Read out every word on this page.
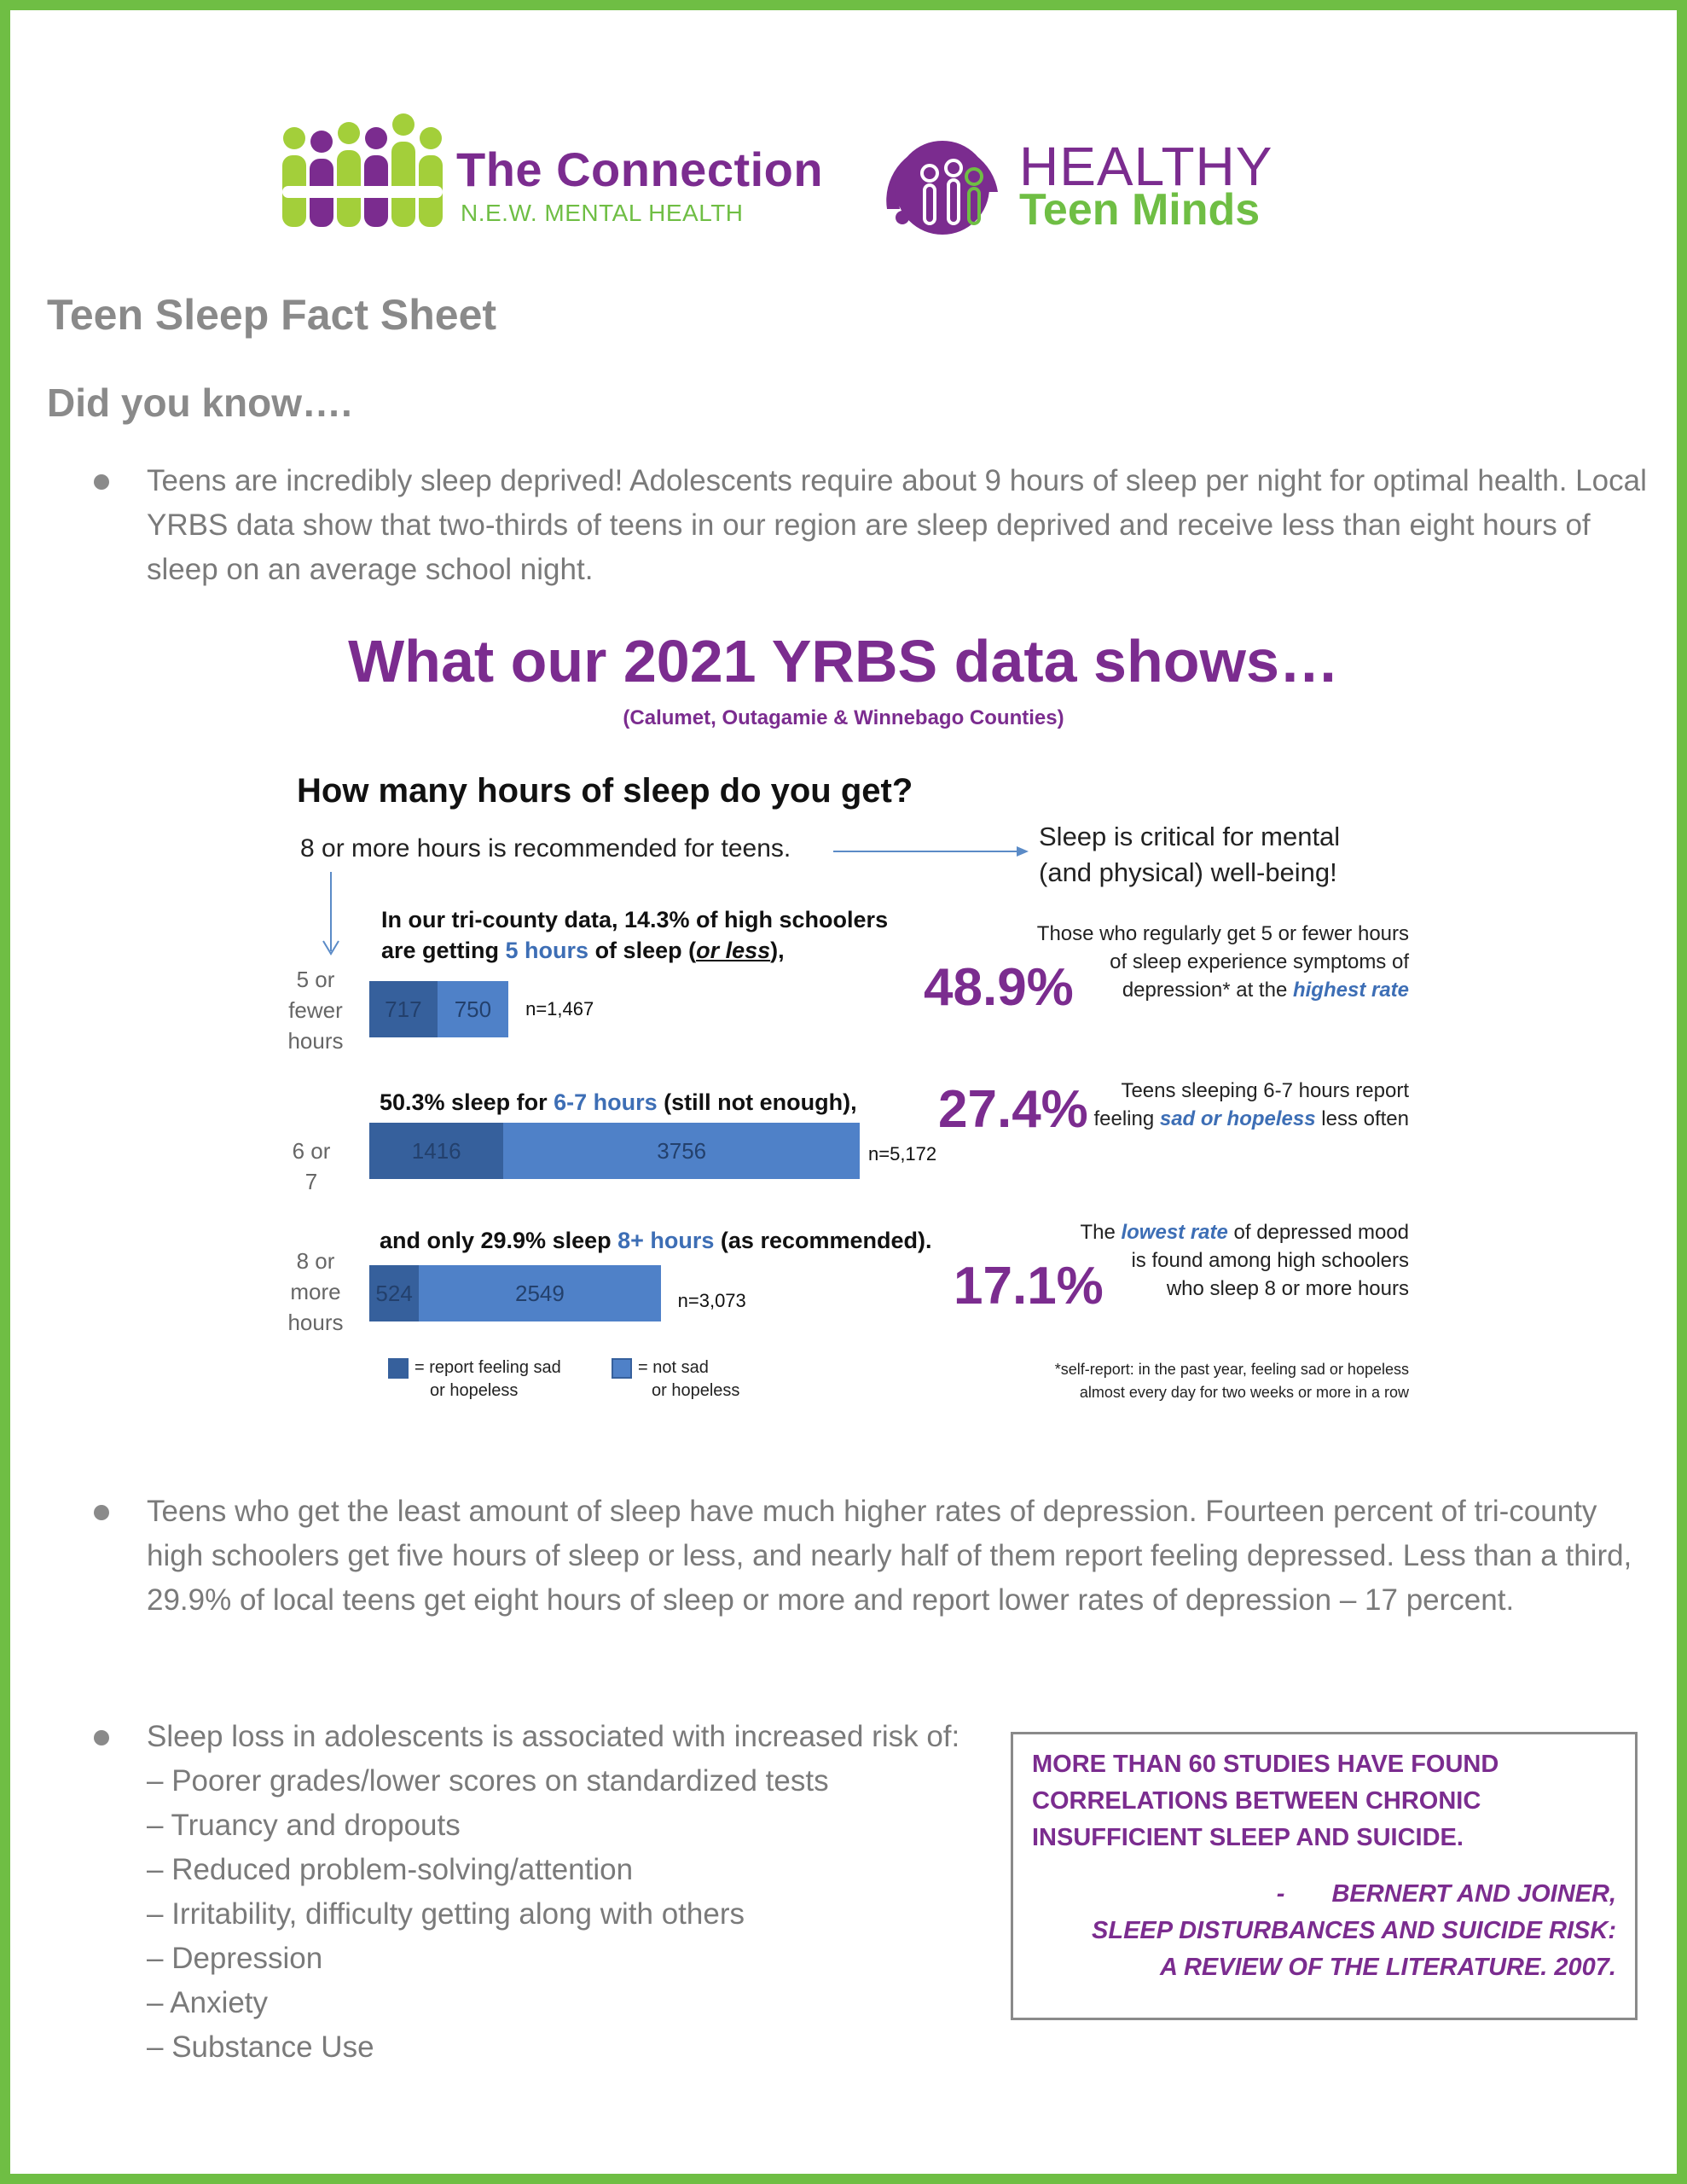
The Connection
N.E.W. MENTAL HEALTH
HEALTHY
Teen Minds
Teen Sleep Fact Sheet
Did you know….
Teens are incredibly sleep deprived! Adolescents require about 9 hours of sleep per night for optimal health. Local YRBS data show that two-thirds of teens in our region are sleep deprived and receive less than eight hours of sleep on an average school night.
What our 2021 YRBS data shows…
(Calumet, Outagamie & Winnebago Counties)
How many hours of sleep do you get?
8 or more hours is recommended for teens.	Sleep is critical for mental
(and physical) well-being!
In our tri-county data, 14.3% of high schoolers
are getting 5 hours of sleep (or less),
50.3% sleep for 6-7 hours (still not enough),
and only 29.9% sleep 8+ hours (as recommended).
5 or
fewer
hours
6 or
7
8 or
more
hours
717	750
1416	3756
524	2549
n=1,467
n=5,172
n=3,073
48.9%
Those who regularly get 5 or fewer hours
of sleep experience symptoms of
depression* at the highest rate
27.4%	Teens sleeping 6-7 hours report
feeling sad or hopeless less often
17.1%
The lowest rate of depressed mood
is found among high schoolers
who sleep 8 or more hours
= report feeling sad
or hopeless
= not sad
or hopeless
*self-report: in the past year, feeling sad or hopeless
almost every day for two weeks or more in a row
Teens who get the least amount of sleep have much higher rates of depression. Fourteen percent of tri-county high schoolers get five hours of sleep or less, and nearly half of them report feeling depressed. Less than a third, 29.9% of local teens get eight hours of sleep or more and report lower rates of depression – 17 percent.
Sleep loss in adolescents is associated with increased risk of:
– Poorer grades/lower scores on standardized tests
– Truancy and dropouts
– Reduced problem-solving/attention
– Irritability, difficulty getting along with others
– Depression
– Anxiety
– Substance Use
MORE THAN 60 STUDIES HAVE FOUND CORRELATIONS BETWEEN CHRONIC INSUFFICIENT SLEEP AND SUICIDE.
- BERNERT AND JOINER,
SLEEP DISTURBANCES AND SUICIDE RISK:
A REVIEW OF THE LITERATURE. 2007.
